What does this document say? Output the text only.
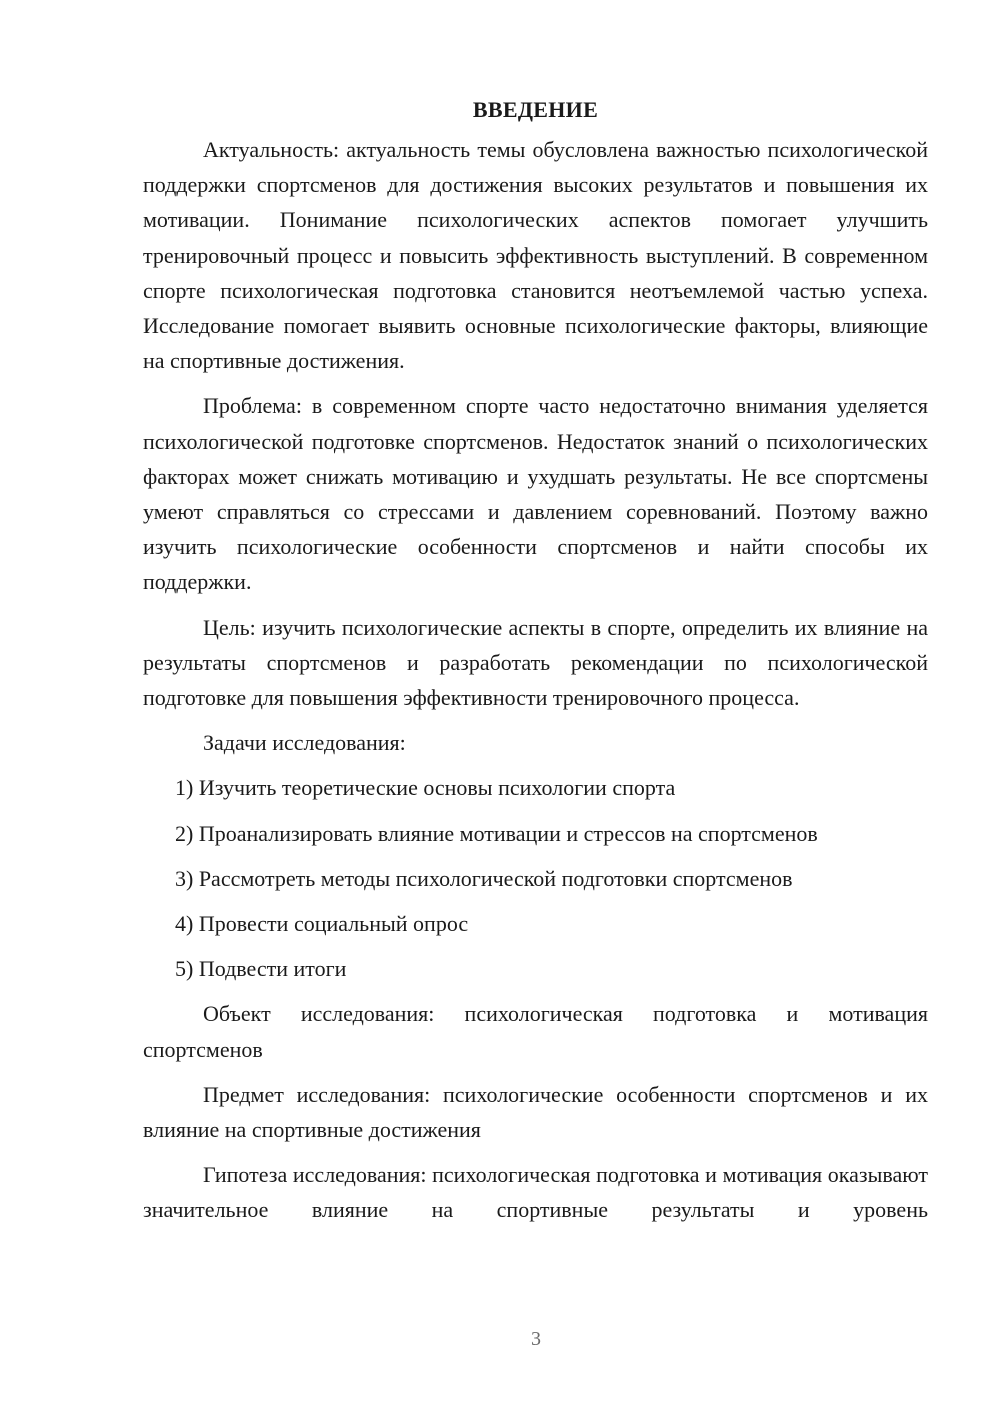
ВВЕДЕНИЕ

Актуальность: актуальность темы обусловлена важностью психологической поддержки спортсменов для достижения высоких результатов и повышения их мотивации. Понимание психологических аспектов помогает улучшить тренировочный процесс и повысить эффективность выступлений. В современном спорте психологическая подготовка становится неотъемлемой частью успеха. Исследование помогает выявить основные психологические факторы, влияющие на спортивные достижения.

Проблема: в современном спорте часто недостаточно внимания уделяется психологической подготовке спортсменов. Недостаток знаний о психологических факторах может снижать мотивацию и ухудшать результаты. Не все спортсмены умеют справляться со стрессами и давлением соревнований. Поэтому важно изучить психологические особенности спортсменов и найти способы их поддержки.

Цель: изучить психологические аспекты в спорте, определить их влияние на результаты спортсменов и разработать рекомендации по психологической подготовке для повышения эффективности тренировочного процесса.

Задачи исследования:

1) Изучить теоретические основы психологии спорта
2) Проанализировать влияние мотивации и стрессов на спортсменов
3) Рассмотреть методы психологической подготовки спортсменов
4) Провести социальный опрос
5) Подвести итоги

Объект исследования: психологическая подготовка и мотивация спортсменов

Предмет исследования: психологические особенности спортсменов и их влияние на спортивные достижения

Гипотеза исследования: психологическая подготовка и мотивация оказывают значительное влияние на спортивные результаты и уровень

3
